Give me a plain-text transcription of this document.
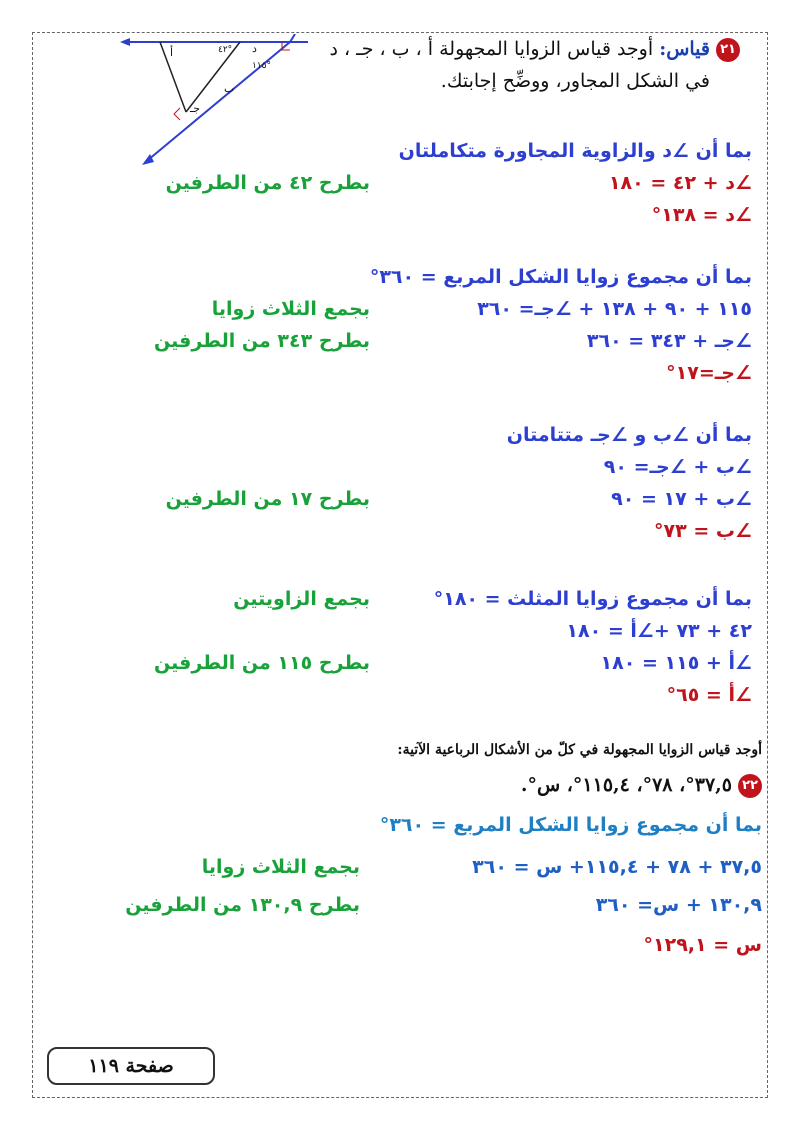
أ
ب
جـ
د
٤٢°
١١٥°
٢١قياس: أوجد قياس الزوايا المجهولة أ ، ب ، جـ ، د
في الشكل المجاور، ووضِّح إجابتك.
بما أن ∠د والزاوية المجاورة متكاملتان
∠د + ٤٢ = ١٨٠
بطرح ٤٢ من الطرفين
∠د = ١٣٨°
بما أن مجموع زوايا الشكل المربع = ٣٦٠°
١١٥ + ٩٠ + ١٣٨ + ∠جـ= ٣٦٠
بجمع الثلاث زوايا
∠جـ + ٣٤٣ = ٣٦٠
بطرح ٣٤٣ من الطرفين
∠جـ=١٧°
بما أن ∠ب و ∠جـ متتامتان
∠ب + ∠جـ= ٩٠
∠ب + ١٧ = ٩٠
بطرح ١٧ من الطرفين
∠ب = ٧٣°
بما أن مجموع زوايا المثلث = ١٨٠°
بجمع الزاويتين
٤٢ + ٧٣ +∠أ = ١٨٠
∠أ + ١١٥ = ١٨٠
بطرح ١١٥ من الطرفين
∠أ = ٦٥°
أوجد قياس الزوايا المجهولة في كلّ من الأشكال الرباعية الآتية:
٢٢٣٧,٥°، ٧٨°، ١١٥,٤°، س°.
بما أن مجموع زوايا الشكل المربع = ٣٦٠°
٣٧,٥ + ٧٨ + ١١٥,٤+ س = ٣٦٠
بجمع الثلاث زوايا
١٣٠,٩ + س= ٣٦٠
بطرح ١٣٠,٩ من الطرفين
س = ١٢٩,١°
صفحة ١١٩
